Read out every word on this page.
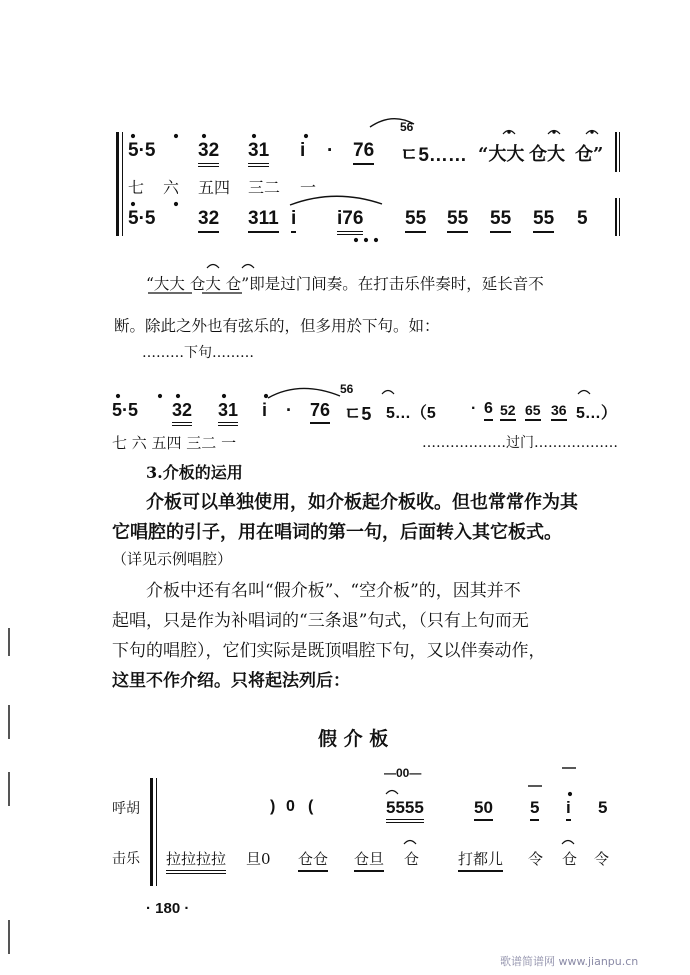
5·5 32 31 i · 76
56
ㄷ5…… “大大 仓大 仓”
七 六 五四 三二 一
5·5 32 311 i i76 55 55 55 55 5
“大大 仓大 仓”即是过门间奏。在打击乐伴奏时，延长音不
断。除此之外也有弦乐的，但多用於下句。如：
………下句………
5·5 32 31 i · 76
56
ㄷ5 5…（5 · 6 52 65 36 5…）
七 六 五四 三二 一	………………过门………………
3.介板的运用
介板可以单独使用，如介板起介板收。但也常常作为其
它唱腔的引子，用在唱词的第一句，后面转入其它板式。
（详见示例唱腔）
介板中还有名叫“假介板”、“空介板”的，因其并不
起唱，只是作为补唱词的“三条退”句式，（只有上句而无
下句的唱腔），它们实际是既顶唱腔下句，又以伴奏动作，
这里不作介绍。只将起法列后：
假 介 板
呼胡
击乐
—00—
) 0 (	5555	50 5 i 5
拉拉拉拉 旦0 仓仓 仓旦 仓	打都儿 令 仓 令
· 180 ·
歌谱简谱网 www.jianpu.cn
